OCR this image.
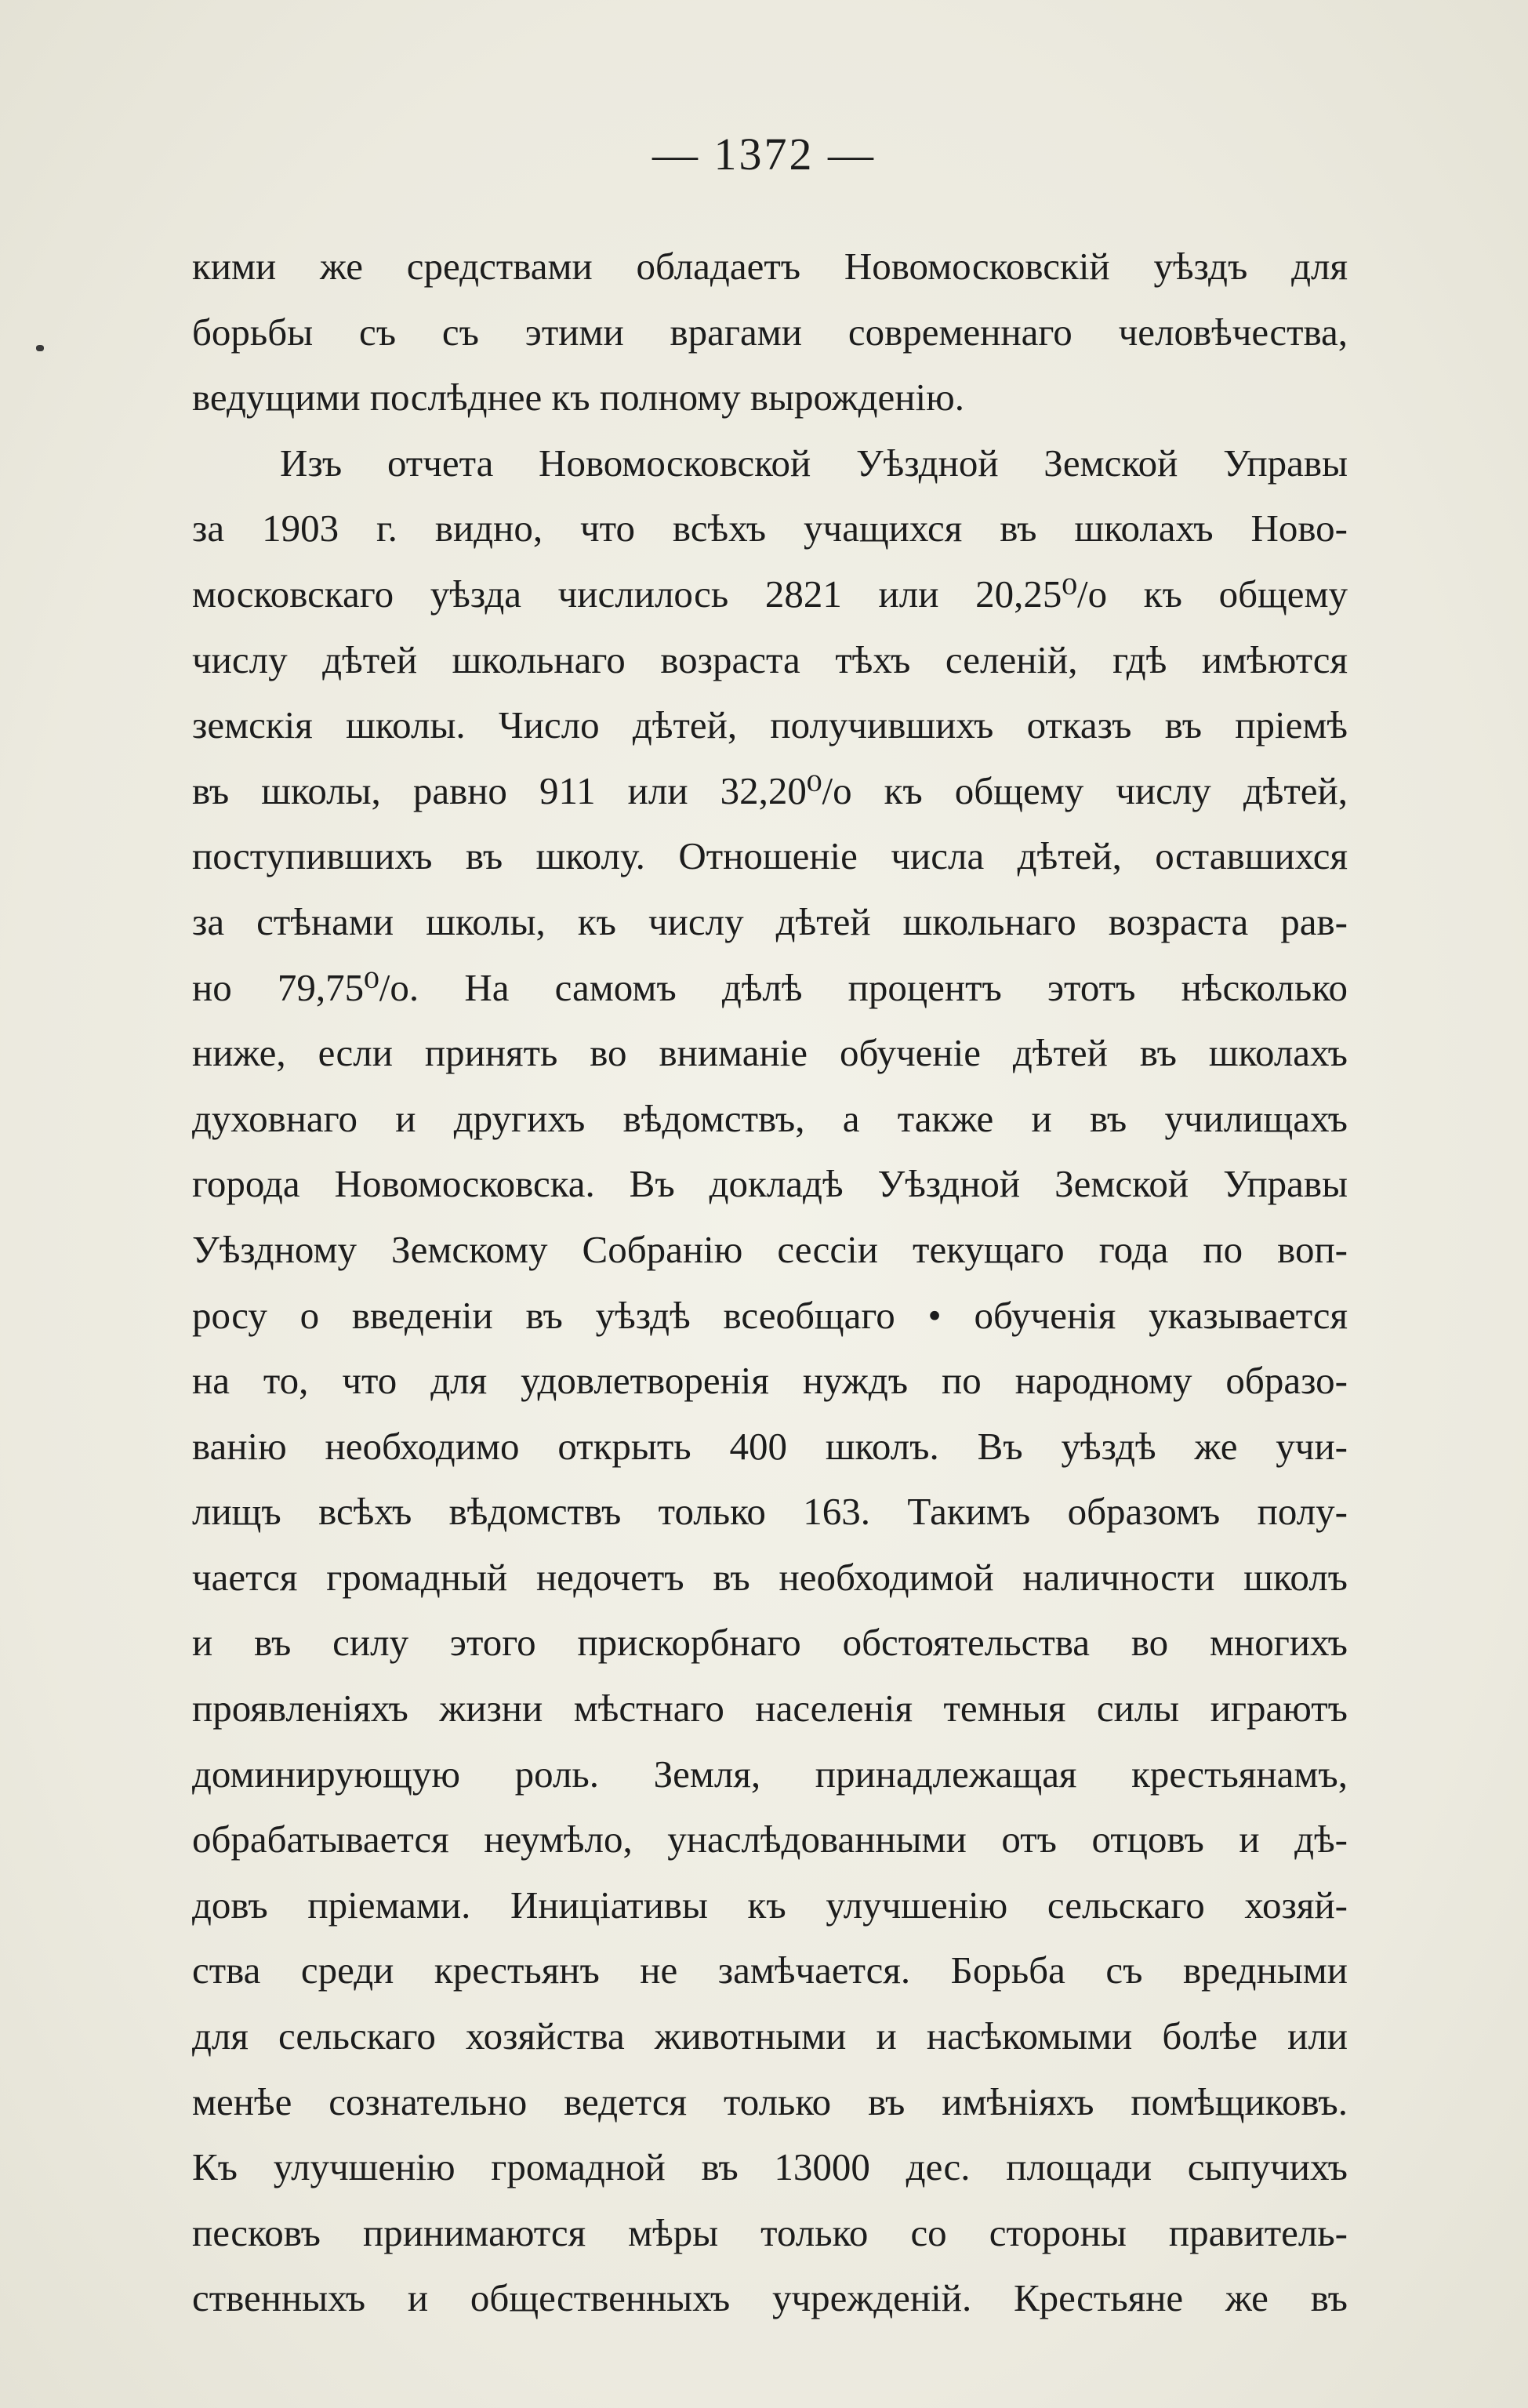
— 1372 —
кими же средствами обладаетъ Новомосковскій уѣздъ для
борьбы съ съ этими врагами современнаго человѣчества,
ведущими послѣднее къ полному вырожденію.
Изъ отчета Новомосковской Уѣздной Земской Управы
за 1903 г. видно, что всѣхъ учащихся въ школахъ Ново-
московскаго уѣзда числилось 2821 или 20,25⁰/о къ общему
числу дѣтей школьнаго возраста тѣхъ селеній, гдѣ имѣются
земскія школы. Число дѣтей, получившихъ отказъ въ пріемѣ
въ школы, равно 911 или 32,20⁰/о къ общему числу дѣтей,
поступившихъ въ школу. Отношеніе числа дѣтей, оставшихся
за стѣнами школы, къ числу дѣтей школьнаго возраста рав-
но 79,75⁰/о. На самомъ дѣлѣ процентъ этотъ нѣсколько
ниже, если принять во вниманіе обученіе дѣтей въ школахъ
духовнаго и другихъ вѣдомствъ, а также и въ училищахъ
города Новомосковска. Въ докладѣ Уѣздной Земской Управы
Уѣздному Земскому Собранію сессіи текущаго года по воп-
росу о введеніи въ уѣздѣ всеобщаго • обученія указывается
на то, что для удовлетворенія нуждъ по народному образо-
ванію необходимо открыть 400 школъ. Въ уѣздѣ же учи-
лищъ всѣхъ вѣдомствъ только 163. Такимъ образомъ полу-
чается громадный недочетъ въ необходимой наличности школъ
и въ силу этого прискорбнаго обстоятельства во многихъ
проявленіяхъ жизни мѣстнаго населенія темныя силы играютъ
доминирующую роль. Земля, принадлежащая крестьянамъ,
обрабатывается неумѣло, унаслѣдованными отъ отцовъ и дѣ-
довъ пріемами. Иниціативы къ улучшенію сельскаго хозяй-
ства среди крестьянъ не замѣчается. Борьба съ вредными
для сельскаго хозяйства животными и насѣкомыми болѣе или
менѣе сознательно ведется только въ имѣніяхъ помѣщиковъ.
Къ улучшенію громадной въ 13000 дес. площади сыпучихъ
песковъ принимаются мѣры только со стороны правитель-
ственныхъ и общественныхъ учрежденій. Крестьяне же въ
